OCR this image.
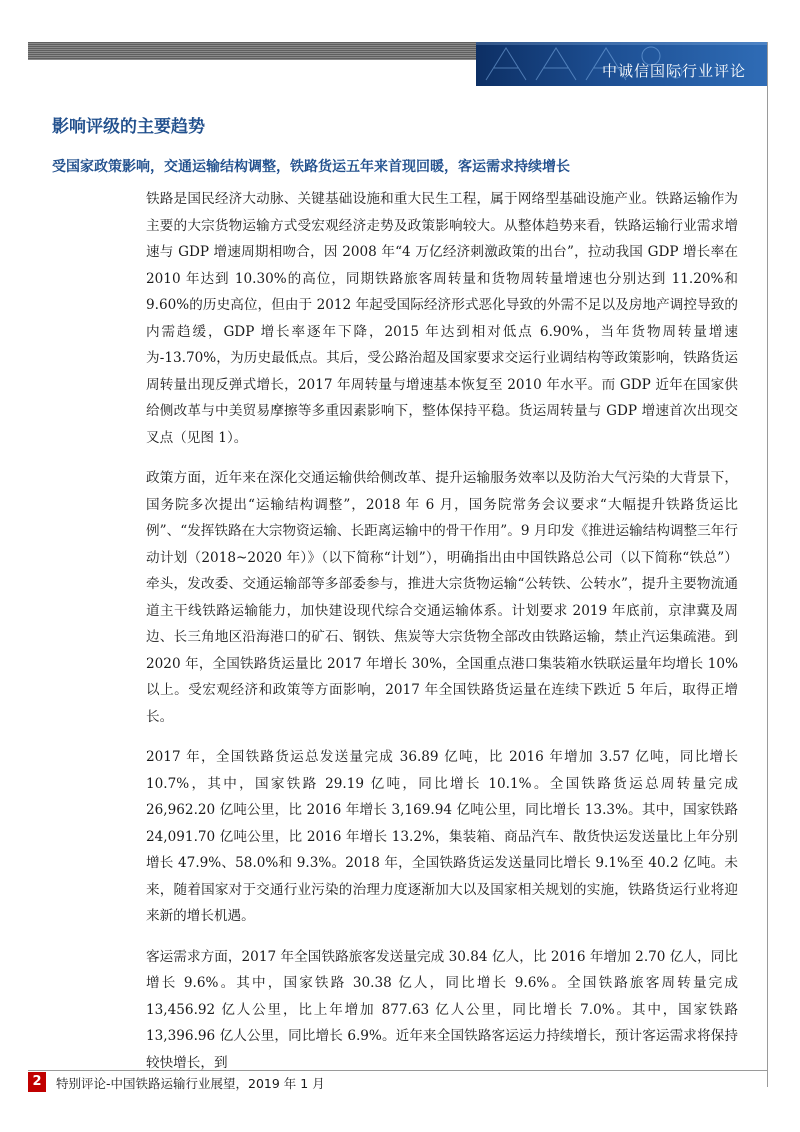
中诚信国际行业评论
影响评级的主要趋势
受国家政策影响，交通运输结构调整，铁路货运五年来首现回暖，客运需求持续增长

铁路是国民经济大动脉、关键基础设施和重大民生工程，属于网络型基础设施产业。铁路运输作为主要的大宗货物运输方式受宏观经济走势及政策影响较大。从整体趋势来看，铁路运输行业需求增速与 GDP 增速周期相吻合，因 2008 年“4 万亿经济刺激政策的出台”，拉动我国 GDP 增长率在 2010 年达到 10.30%的高位，同期铁路旅客周转量和货物周转量增速也分别达到 11.20%和 9.60%的历史高位，但由于 2012 年起受国际经济形式恶化导致的外需不足以及房地产调控导致的内需趋缓，GDP 增长率逐年下降，2015 年达到相对低点 6.90%，当年货物周转量增速为-13.70%，为历史最低点。其后，受公路治超及国家要求交运行业调结构等政策影响，铁路货运周转量出现反弹式增长，2017 年周转量与增速基本恢复至 2010 年水平。而 GDP 近年在国家供给侧改革与中美贸易摩擦等多重因素影响下，整体保持平稳。货运周转量与 GDP 增速首次出现交叉点（见图 1）。

政策方面，近年来在深化交通运输供给侧改革、提升运输服务效率以及防治大气污染的大背景下，国务院多次提出“运输结构调整”，2018 年 6 月，国务院常务会议要求“大幅提升铁路货运比例”、“发挥铁路在大宗物资运输、长距离运输中的骨干作用”。9 月印发《推进运输结构调整三年行动计划（2018~2020 年）》（以下简称“计划”），明确指出由中国铁路总公司（以下简称“铁总”）牵头，发改委、交通运输部等多部委参与，推进大宗货物运输“公转铁、公转水”，提升主要物流通道主干线铁路运输能力，加快建设现代综合交通运输体系。计划要求 2019 年底前，京津冀及周边、长三角地区沿海港口的矿石、钢铁、焦炭等大宗货物全部改由铁路运输，禁止汽运集疏港。到 2020 年，全国铁路货运量比 2017 年增长 30%，全国重点港口集装箱水铁联运量年均增长 10%以上。受宏观经济和政策等方面影响，2017 年全国铁路货运量在连续下跌近 5 年后，取得正增长。

2017 年，全国铁路货运总发送量完成 36.89 亿吨，比 2016 年增加 3.57 亿吨，同比增长 10.7%，其中，国家铁路 29.19 亿吨，同比增长 10.1%。全国铁路货运总周转量完成 26,962.20 亿吨公里，比 2016 年增长 3,169.94 亿吨公里，同比增长 13.3%。其中，国家铁路 24,091.70 亿吨公里，比 2016 年增长 13.2%，集装箱、商品汽车、散货快运发送量比上年分别增长 47.9%、58.0%和 9.3%。2018 年，全国铁路货运发送量同比增长 9.1%至 40.2 亿吨。未来，随着国家对于交通行业污染的治理力度逐渐加大以及国家相关规划的实施，铁路货运行业将迎来新的增长机遇。

客运需求方面，2017 年全国铁路旅客发送量完成 30.84 亿人，比 2016 年增加 2.70 亿人，同比增长 9.6%。其中，国家铁路 30.38 亿人，同比增长 9.6%。全国铁路旅客周转量完成 13,456.92 亿人公里，比上年增加 877.63 亿人公里，同比增长 7.0%。其中，国家铁路 13,396.96 亿人公里，同比增长 6.9%。近年来全国铁路客运运力持续增长，预计客运需求将保持较快增长，到

2	特别评论-中国铁路运输行业展望，2019 年 1 月
